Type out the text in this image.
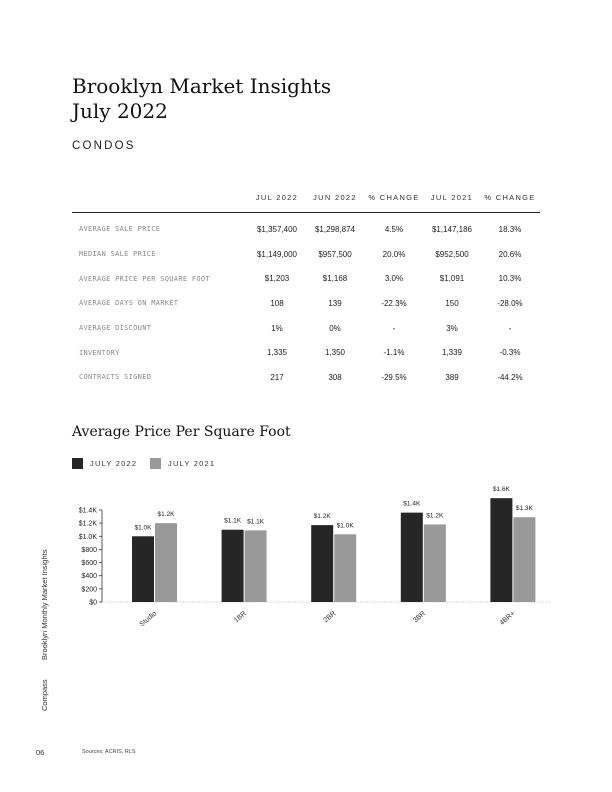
Brooklyn Market Insights
July 2022
CONDOS
	JUL 2022	JUN 2022	% CHANGE	JUL 2021	% CHANGE
AVERAGE SALE PRICE	$1,357,400	$1,298,874	4.5%	$1,147,186	18.3%
MEDIAN SALE PRICE	$1,149,000	$957,500	20.0%	$952,500	20.6%
AVERAGE PRICE PER SQUARE FOOT	$1,203	$1,168	3.0%	$1,091	10.3%
AVERAGE DAYS ON MARKET	108	139	-22.3%	150	-28.0%
AVERAGE DISCOUNT	1%	0%	-	3%	-
INVENTORY	1,335	1,350	-1.1%	1,339	-0.3%
CONTRACTS SIGNED	217	308	-29.5%	389	-44.2%
Average Price Per Square Foot
JULY 2022	JULY 2021
$0
$200
$400
$600
$800
$1.0K
$1.2K
$1.4K
$1.0K
$1.2K
Studio
$1.1K $1.1K
1BR
$1.2K
$1.0K
2BR
$1.4K
$1.2K
3BR
$1.6K
$1.3K
4BR+
Brooklyn Monthly Market Insights
Compass
06	Sources: ACRIS, RLS
